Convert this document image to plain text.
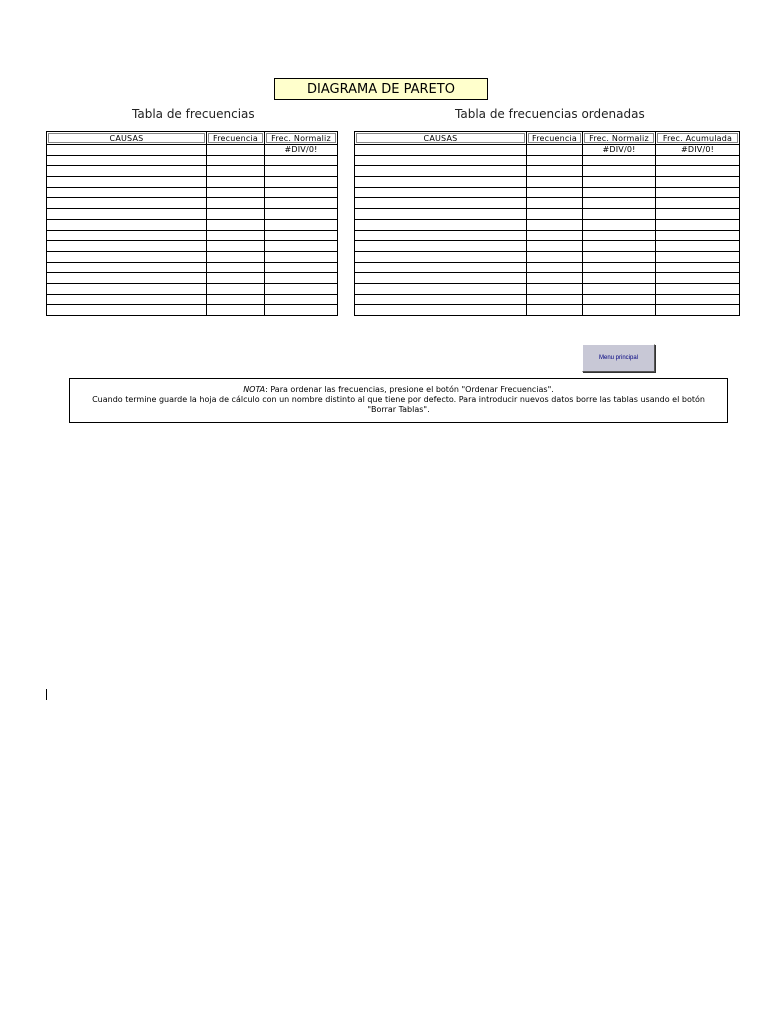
DIAGRAMA DE PARETO
Tabla de frecuencias	Tabla de frecuencias ordenadas
CAUSAS	Frecuencia	Frec. Normaliz
		#DIV/0!

CAUSAS	Frecuencia	Frec. Normaliz	Frec. Acumulada
		#DIV/0!	#DIV/0!

Menu principal
NOTA: Para ordenar las frecuencias, presione el botón "Ordenar Frecuencias".
Cuando termine guarde la hoja de cálculo con un nombre distinto al que tiene por defecto. Para introducir nuevos datos borre las tablas usando el botón
"Borrar Tablas".
